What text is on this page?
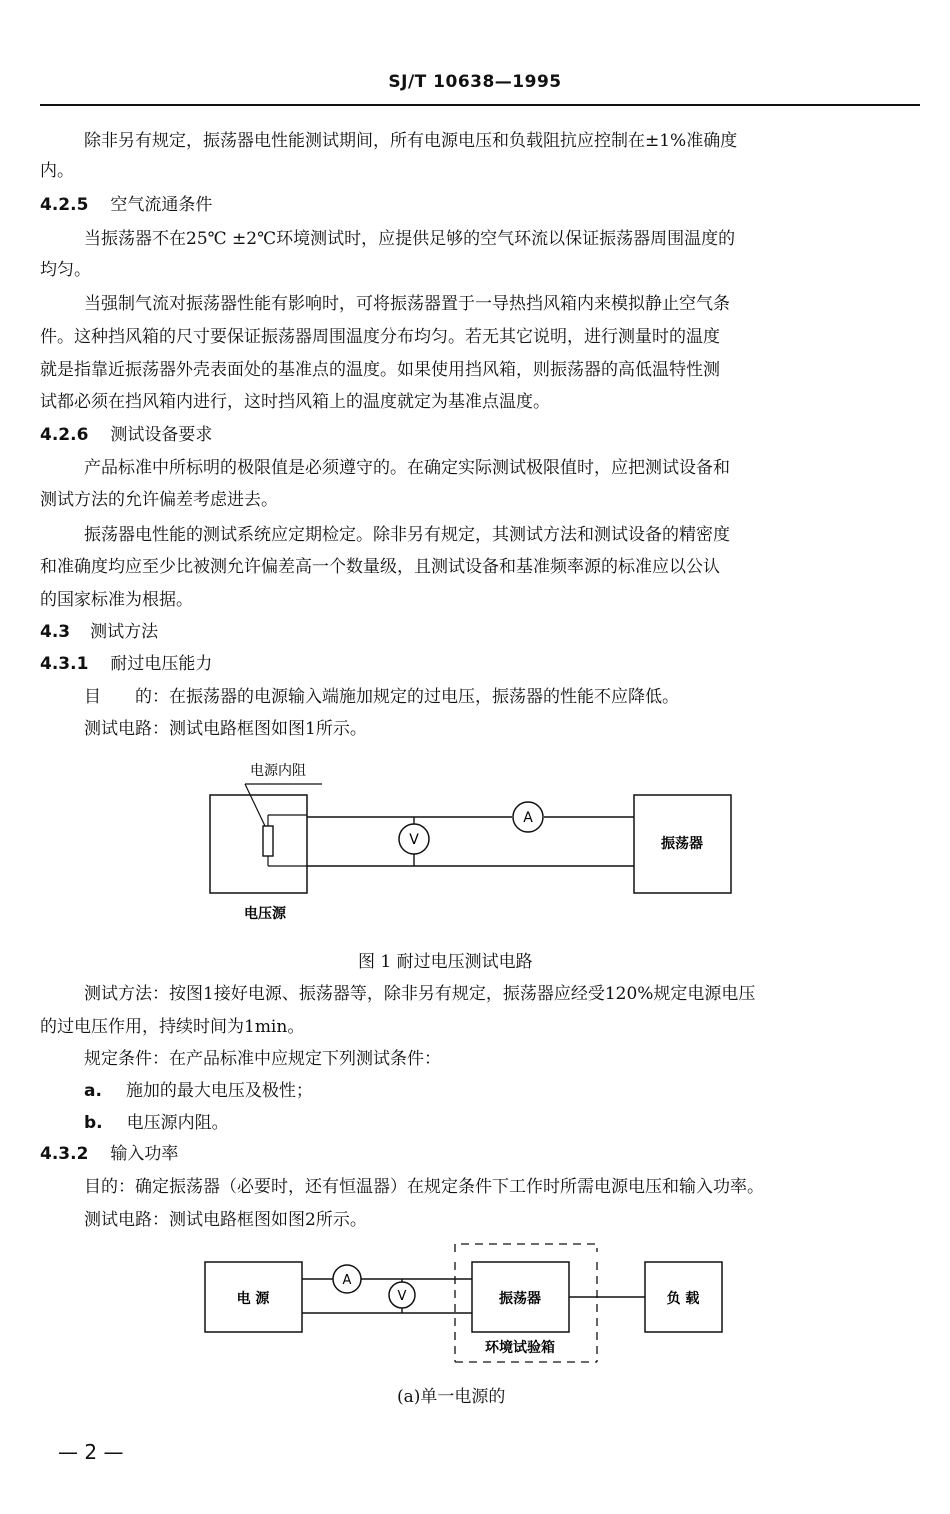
SJ/T 10638—1995
除非另有规定，振荡器电性能测试期间，所有电源电压和负载阻抗应控制在±1%准确度
内。
4.2.5 空气流通条件
当振荡器不在25℃ ±2℃环境测试时，应提供足够的空气环流以保证振荡器周围温度的
均匀。
当强制气流对振荡器性能有影响时，可将振荡器置于一导热挡风箱内来模拟静止空气条
件。这种挡风箱的尺寸要保证振荡器周围温度分布均匀。若无其它说明，进行测量时的温度
就是指靠近振荡器外壳表面处的基准点的温度。如果使用挡风箱，则振荡器的高低温特性测
试都必须在挡风箱内进行，这时挡风箱上的温度就定为基准点温度。
4.2.6 测试设备要求
产品标准中所标明的极限值是必须遵守的。在确定实际测试极限值时，应把测试设备和
测试方法的允许偏差考虑进去。
振荡器电性能的测试系统应定期检定。除非另有规定，其测试方法和测试设备的精密度
和准确度均应至少比被测允许偏差高一个数量级，且测试设备和基准频率源的标准应以公认
的国家标准为根据。
4.3 测试方法
4.3.1 耐过电压能力
目 的：在振荡器的电源输入端施加规定的过电压，振荡器的性能不应降低。
测试电路：测试电路框图如图1所示。
电源内阻
A
V	振荡器
电压源
图 1 耐过电压测试电路
测试方法：按图1接好电源、振荡器等，除非另有规定，振荡器应经受120%规定电源电压
的过电压作用，持续时间为1min。
规定条件：在产品标准中应规定下列测试条件：
a. 施加的最大电压及极性；
b. 电压源内阻。
4.3.2 输入功率
目的：确定振荡器（必要时，还有恒温器）在规定条件下工作时所需电源电压和输入功率。
测试电路：测试电路框图如图2所示。
电 源	振荡器
环境试验箱
负 载
A
V
(a)单一电源的
— 2 —
